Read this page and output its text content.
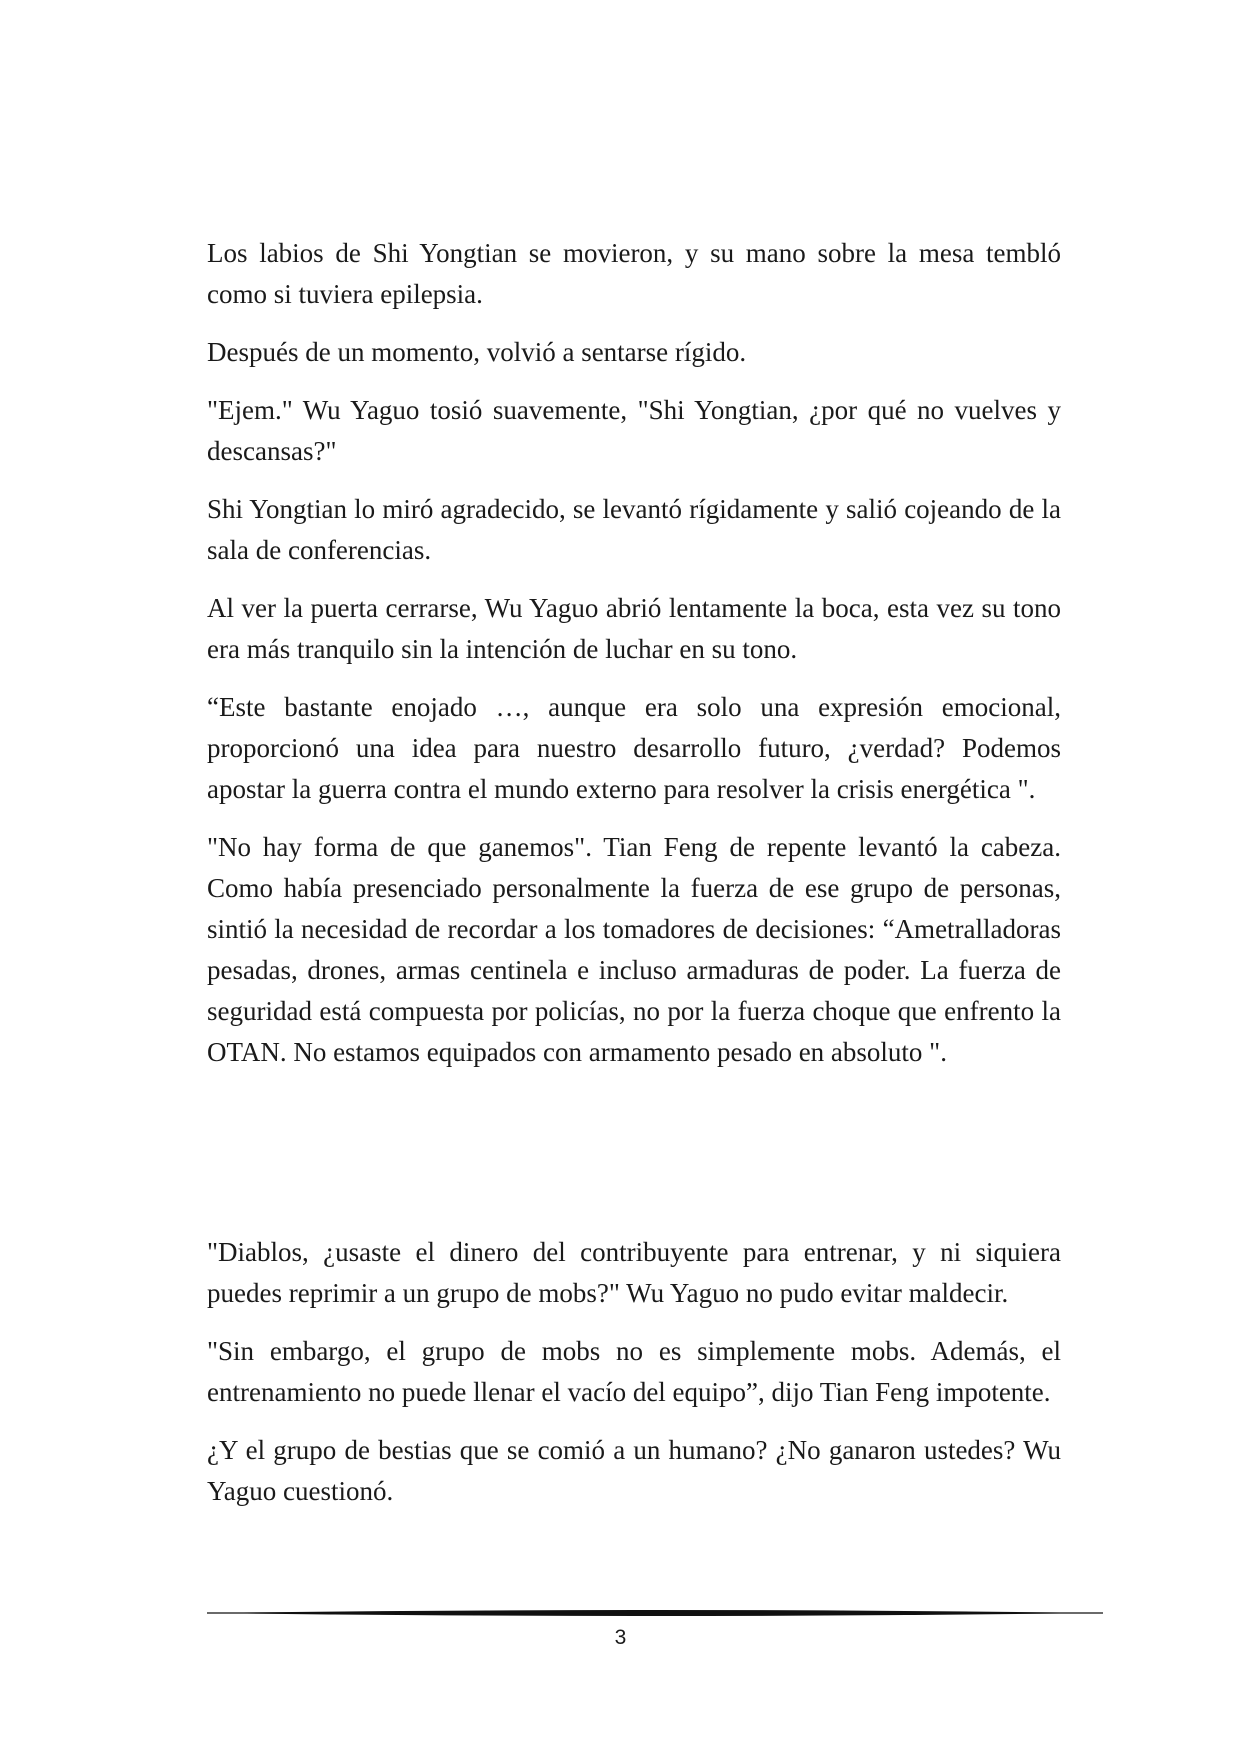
Los labios de Shi Yongtian se movieron, y su mano sobre la mesa tembló como si tuviera epilepsia.

Después de un momento, volvió a sentarse rígido.

"Ejem." Wu Yaguo tosió suavemente, "Shi Yongtian, ¿por qué no vuelves y descansas?"

Shi Yongtian lo miró agradecido, se levantó rígidamente y salió cojeando de la sala de conferencias.

Al ver la puerta cerrarse, Wu Yaguo abrió lentamente la boca, esta vez su tono era más tranquilo sin la intención de luchar en su tono.

“Este bastante enojado …, aunque era solo una expresión emocional, proporcionó una idea para nuestro desarrollo futuro, ¿verdad? Podemos apostar la guerra contra el mundo externo para resolver la crisis energética ".

"No hay forma de que ganemos". Tian Feng de repente levantó la cabeza. Como había presenciado personalmente la fuerza de ese grupo de personas, sintió la necesidad de recordar a los tomadores de decisiones: “Ametralladoras pesadas, drones, armas centinela e incluso armaduras de poder. La fuerza de seguridad está compuesta por policías, no por la fuerza choque que enfrento la OTAN. No estamos equipados con armamento pesado en absoluto ".

"Diablos, ¿usaste el dinero del contribuyente para entrenar, y ni siquiera puedes reprimir a un grupo de mobs?" Wu Yaguo no pudo evitar maldecir.

"Sin embargo, el grupo de mobs no es simplemente mobs. Además, el entrenamiento no puede llenar el vacío del equipo”, dijo Tian Feng impotente.

¿Y el grupo de bestias que se comió a un humano? ¿No ganaron ustedes? Wu Yaguo cuestionó.

3
